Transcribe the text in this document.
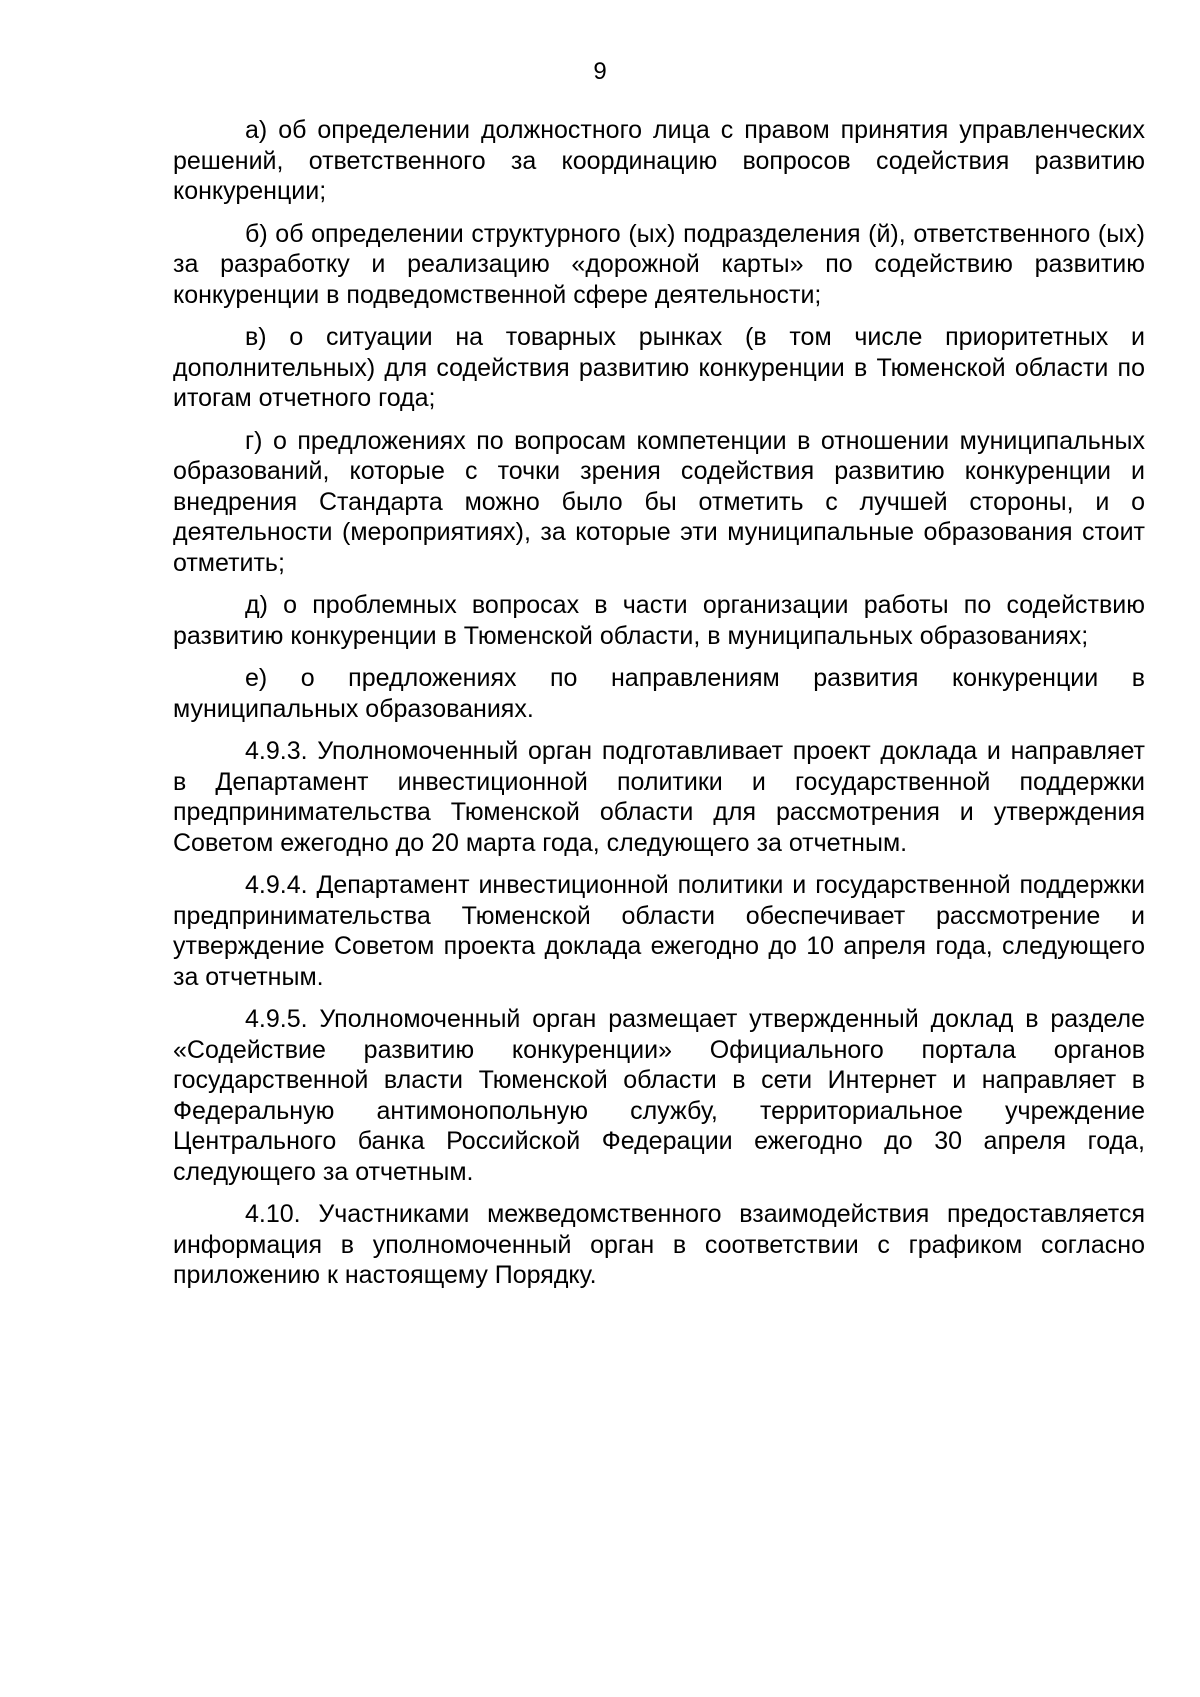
9

а) об определении должностного лица с правом принятия управленческих решений, ответственного за координацию вопросов содействия развитию конкуренции;

б) об определении структурного (ых) подразделения (й), ответственного (ых) за разработку и реализацию «дорожной карты» по содействию развитию конкуренции в подведомственной сфере деятельности;

в) о ситуации на товарных рынках (в том числе приоритетных и дополнительных) для содействия развитию конкуренции в Тюменской области по итогам отчетного года;

г) о предложениях по вопросам компетенции в отношении муниципальных образований, которые с точки зрения содействия развитию конкуренции и внедрения Стандарта можно было бы отметить с лучшей стороны, и о деятельности (мероприятиях), за которые эти муниципальные образования стоит отметить;

д) о проблемных вопросах в части организации работы по содействию развитию конкуренции в Тюменской области, в муниципальных образованиях;

е) о предложениях по направлениям развития конкуренции в муниципальных образованиях.

4.9.3. Уполномоченный орган подготавливает проект доклада и направляет в Департамент инвестиционной политики и государственной поддержки предпринимательства Тюменской области для рассмотрения и утверждения Советом ежегодно до 20 марта года, следующего за отчетным.

4.9.4. Департамент инвестиционной политики и государственной поддержки предпринимательства Тюменской области обеспечивает рассмотрение и утверждение Советом проекта доклада ежегодно до 10 апреля года, следующего за отчетным.

4.9.5. Уполномоченный орган размещает утвержденный доклад в разделе «Содействие развитию конкуренции» Официального портала органов государственной власти Тюменской области в сети Интернет и направляет в Федеральную антимонопольную службу, территориальное учреждение Центрального банка Российской Федерации ежегодно до 30 апреля года, следующего за отчетным.

4.10. Участниками межведомственного взаимодействия предоставляется информация в уполномоченный орган в соответствии с графиком согласно приложению к настоящему Порядку.
